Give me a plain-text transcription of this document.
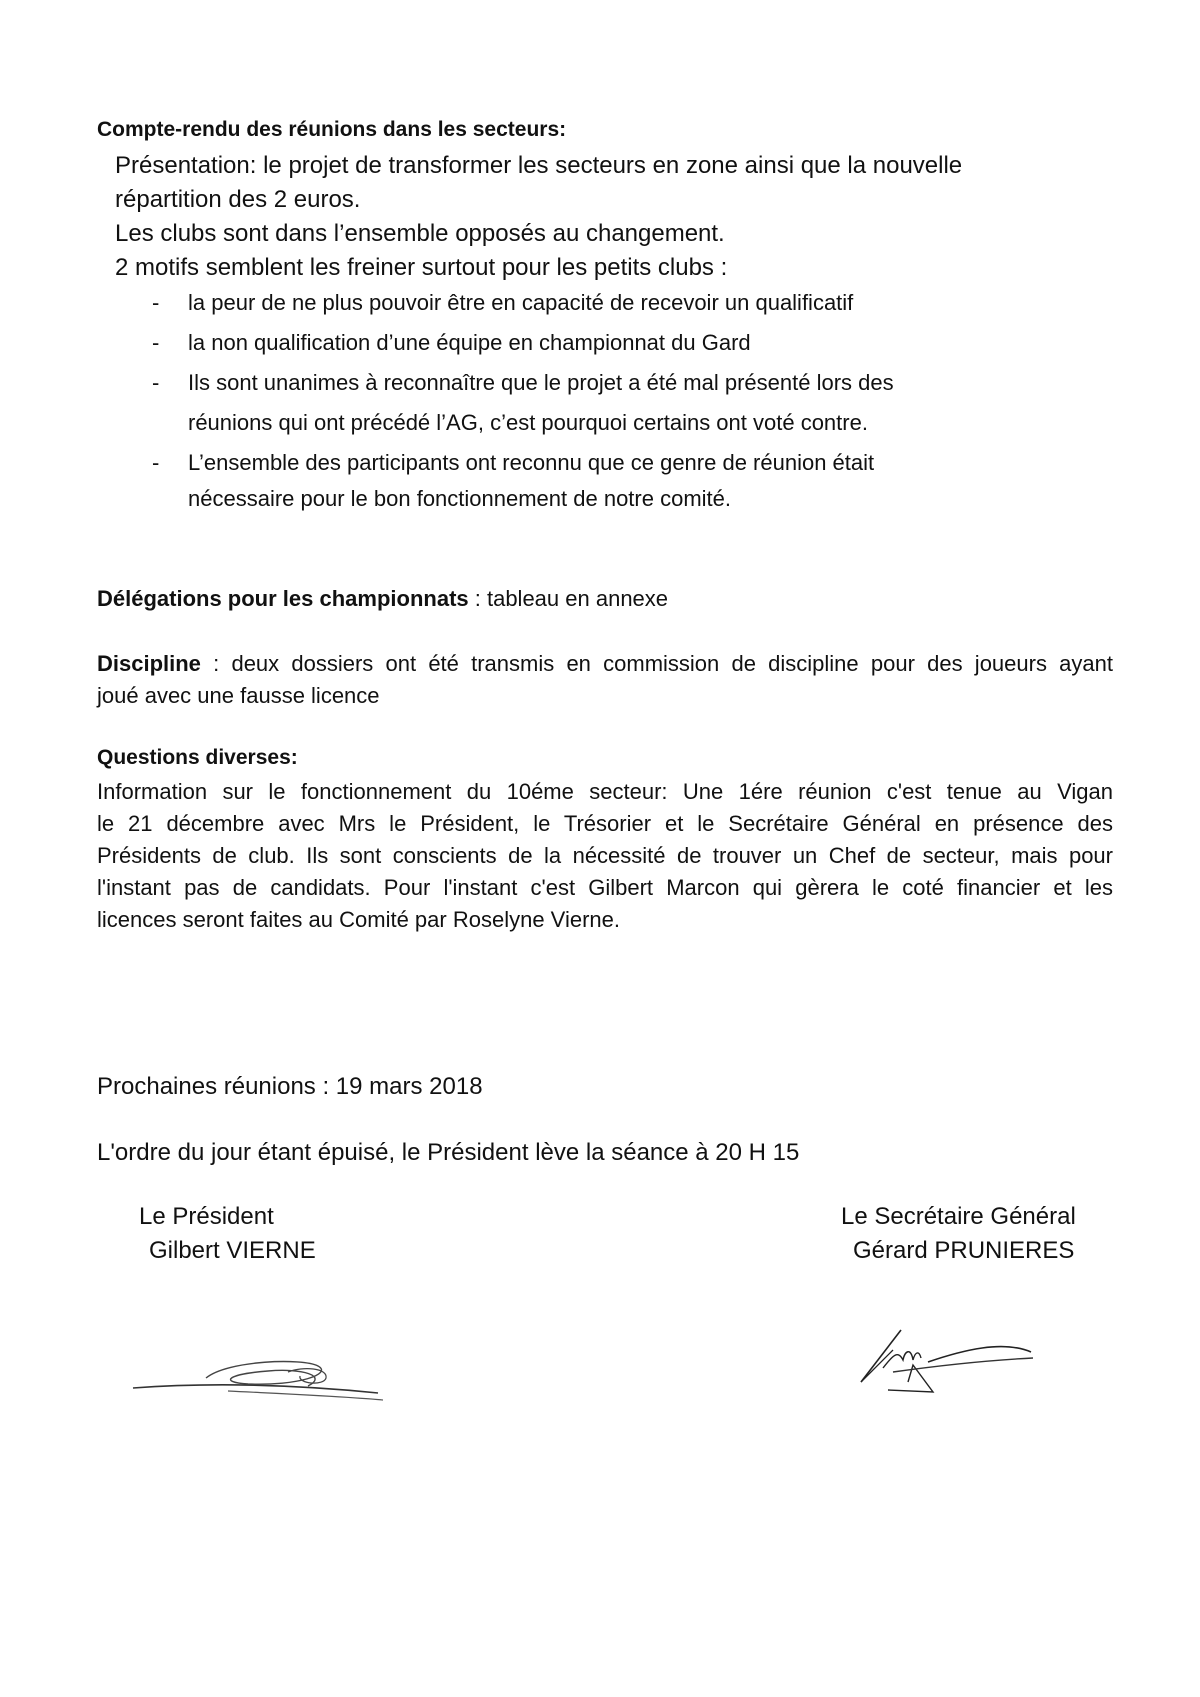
Compte-rendu des réunions dans les secteurs:
Présentation: le projet de transformer les secteurs en zone ainsi que la nouvelle
répartition des 2 euros.
Les clubs sont dans l’ensemble opposés au changement.
2 motifs semblent les freiner surtout pour les petits clubs :
- la peur de ne plus pouvoir être en capacité de recevoir un qualificatif
- la non qualification d’une équipe en championnat du Gard
- Ils sont unanimes à reconnaître que le projet a été mal présenté lors des
réunions qui ont précédé l’AG, c’est pourquoi certains ont voté contre.
- L’ensemble des participants ont reconnu que ce genre de réunion était
nécessaire pour le bon fonctionnement de notre comité.
Délégations pour les championnats : tableau en annexe
Discipline : deux dossiers ont été transmis en commission de discipline pour des joueurs ayant
joué avec une fausse licence
Questions diverses:
Information sur le fonctionnement du 10éme secteur: Une 1ére réunion c'est tenue au Vigan
le 21 décembre avec Mrs le Président, le Trésorier et le Secrétaire Général en présence des
Présidents de club. Ils sont conscients de la nécessité de trouver un Chef de secteur, mais pour
l'instant pas de candidats. Pour l'instant c'est Gilbert Marcon qui gèrera le coté financier et les
licences seront faites au Comité par Roselyne Vierne.
Prochaines réunions : 19 mars 2018
L'ordre du jour étant épuisé, le Président lève la séance à 20 H 15
Le Président
Gilbert VIERNE
Le Secrétaire Général
Gérard PRUNIERES
